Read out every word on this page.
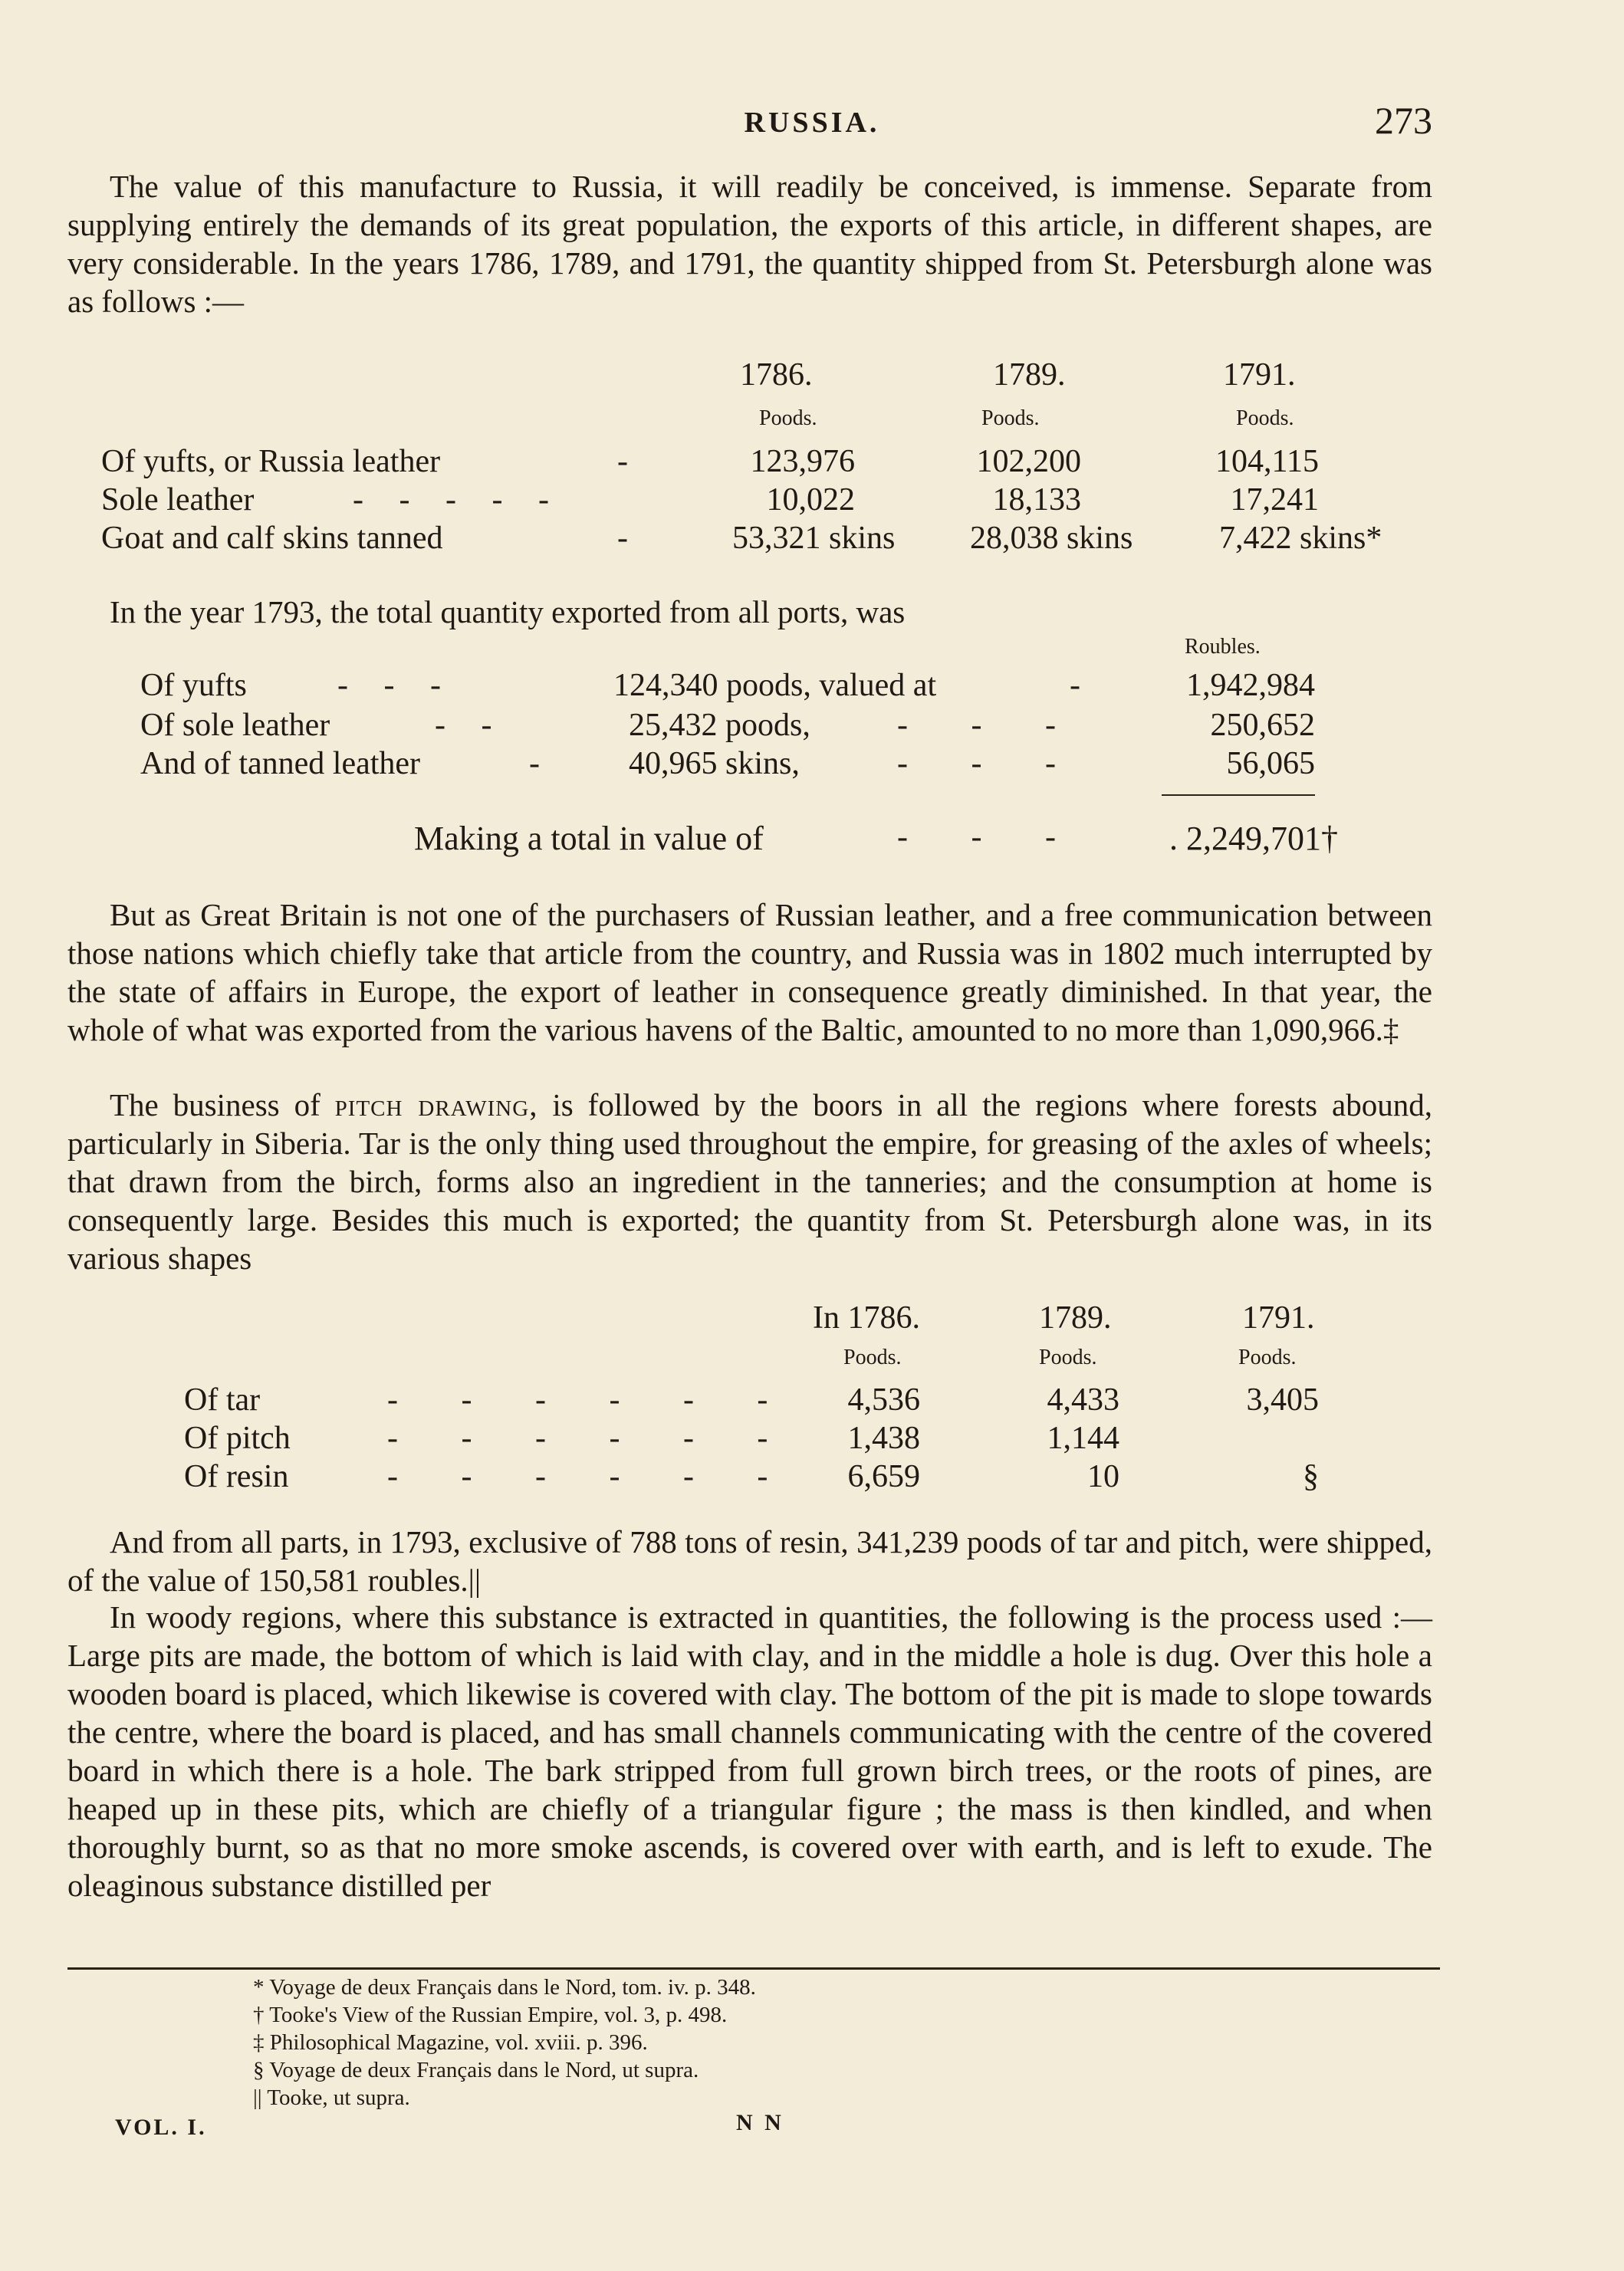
RUSSIA.	273

The value of this manufacture to Russia, it will readily be conceived, is immense. Separate from supplying entirely the demands of its great population, the exports of this article, in different shapes, are very considerable. In the years 1786, 1789, and 1791, the quantity shipped from St. Petersburgh alone was as follows :—

1786.	1789.	1791.
Poods.	Poods.	Poods.
Of yufts, or Russia leather	-	123,976	102,200	104,115
Sole leather	- - - - -	10,022	18,133	17,241
Goat and calf skins tanned	-	53,321 skins 28,038 skins	7,422 skins*

In the year 1793, the total quantity exported from all ports, was

Roubles.
Of yufts	- - -	124,340 poods, valued at	-	1,942,984
Of sole leather	- -	25,432 poods,	- - -	250,652
And of tanned leather	-	40,965 skins,	- - -	56,065
Making a total in value of	- - -	. 2,249,701†

But as Great Britain is not one of the purchasers of Russian leather, and a free communication between those nations which chiefly take that article from the country, and Russia was in 1802 much interrupted by the state of affairs in Europe, the export of leather in consequence greatly diminished. In that year, the whole of what was exported from the various havens of the Baltic, amounted to no more than 1,090,966.‡

The business of pitch drawing, is followed by the boors in all the regions where forests abound, particularly in Siberia. Tar is the only thing used throughout the empire, for greasing of the axles of wheels; that drawn from the birch, forms also an ingredient in the tanneries; and the consumption at home is consequently large. Besides this much is exported; the quantity from St. Petersburgh alone was, in its various shapes

In 1786.	1789.	1791.
Poods.	Poods.	Poods.
Of tar	- - - - - -	4,536	4,433	3,405
Of pitch	- - - - - -	1,438	1,144
Of resin	- - - - - -	6,659	10	§

And from all parts, in 1793, exclusive of 788 tons of resin, 341,239 poods of tar and pitch, were shipped, of the value of 150,581 roubles.||

In woody regions, where this substance is extracted in quantities, the following is the process used :—Large pits are made, the bottom of which is laid with clay, and in the middle a hole is dug. Over this hole a wooden board is placed, which likewise is covered with clay. The bottom of the pit is made to slope towards the centre, where the board is placed, and has small channels communicating with the centre of the covered board in which there is a hole. The bark stripped from full grown birch trees, or the roots of pines, are heaped up in these pits, which are chiefly of a triangular figure ; the mass is then kindled, and when thoroughly burnt, so as that no more smoke ascends, is covered over with earth, and is left to exude. The oleaginous substance distilled per

* Voyage de deux Français dans le Nord, tom. iv. p. 348.
† Tooke's View of the Russian Empire, vol. 3, p. 498.
‡ Philosophical Magazine, vol. xviii. p. 396.
§ Voyage de deux Français dans le Nord, ut supra.
|| Tooke, ut supra.
VOL. I.	N N
